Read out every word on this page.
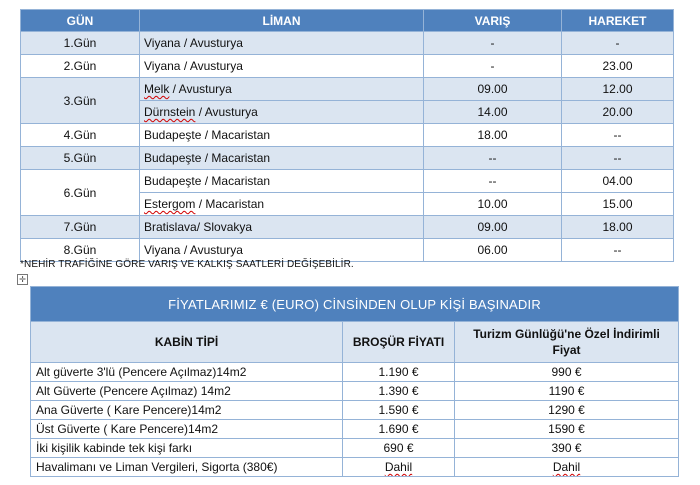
GÜN	LİMAN	VARIŞ	HAREKET
1.Gün	Viyana / Avusturya	-	-
2.Gün	Viyana / Avusturya	-	23.00
3.Gün	Melk / Avusturya	09.00	12.00
	Dürnstein / Avusturya	14.00	20.00
4.Gün	Budapeşte / Macaristan	18.00	--
5.Gün	Budapeşte / Macaristan	--	--
6.Gün	Budapeşte / Macaristan	--	04.00
	Estergom / Macaristan	10.00	15.00
7.Gün	Bratislava/ Slovakya	09.00	18.00
8.Gün	Viyana / Avusturya	06.00	--
*NEHİR TRAFİĞİNE GÖRE VARIŞ VE KALKIŞ SAATLERİ DEĞİŞEBİLİR.
✛
FİYATLARIMIZ € (EURO) CİNSİNDEN OLUP KİŞİ BAŞINADIR		
KABİN TİPİ	BROŞÜR FİYATI	Turizm Günlüğü'ne Özel İndirimli Fiyat
Alt güverte 3'lü (Pencere Açılmaz)14m2	1.190 €	990 €
Alt Güverte (Pencere Açılmaz) 14m2	1.390 €	1190 €
Ana Güverte ( Kare Pencere)14m2	1.590 €	1290 €
Üst Güverte ( Kare Pencere)14m2	1.690 €	1590 €
İki kişilik kabinde tek kişi farkı	690 €	390 €
Havalimanı ve Liman Vergileri, Sigorta (380€)	Dahil	Dahil
